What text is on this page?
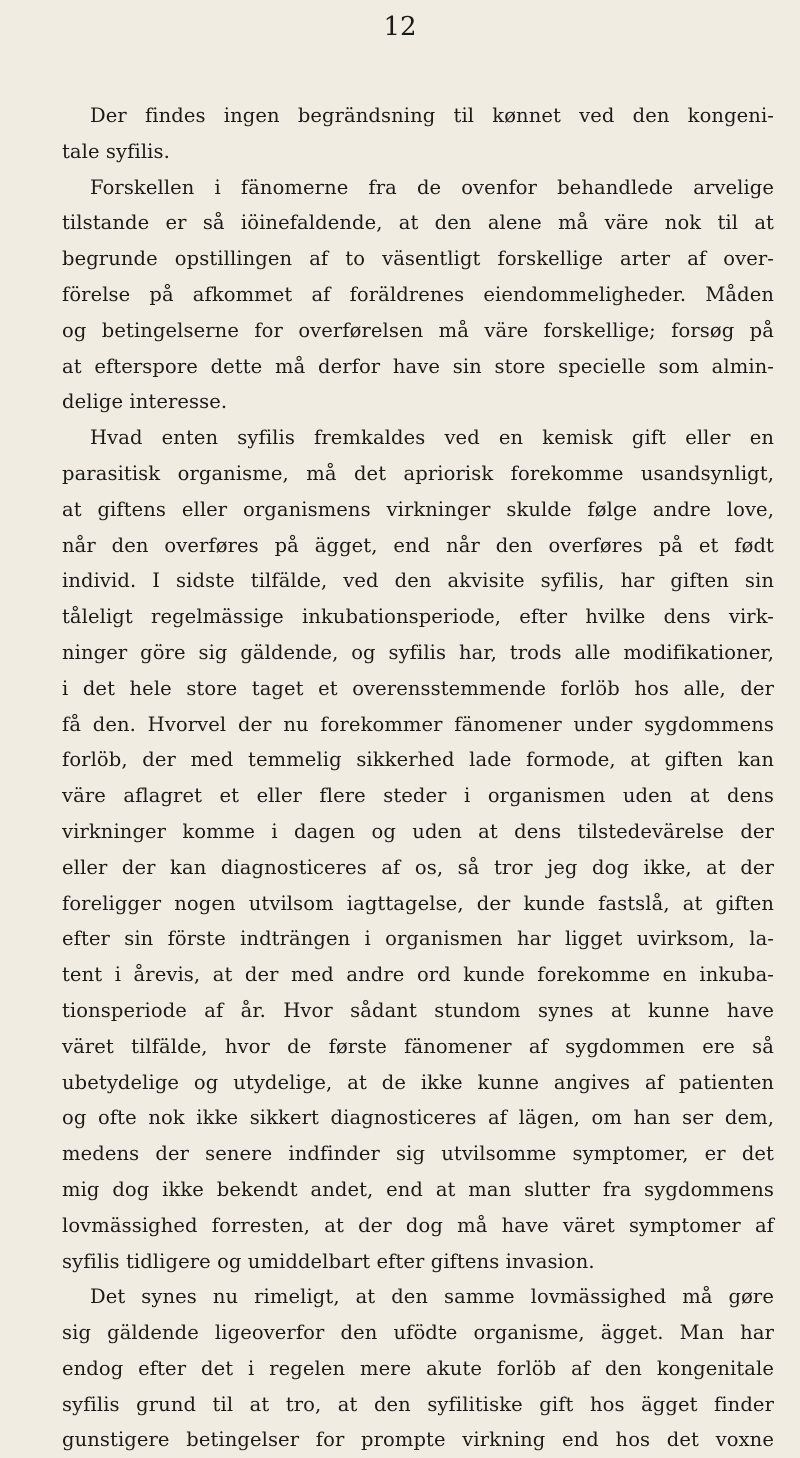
12
Der findes ingen begrändsning til kønnet ved den kongeni-
tale syfilis.
Forskellen i fänomerne fra de ovenfor behandlede arvelige
tilstande er så iöinefaldende, at den alene må väre nok til at
begrunde opstillingen af to väsentligt forskellige arter af over-
förelse på afkommet af foräldrenes eiendommeligheder. Måden
og betingelserne for overførelsen må väre forskellige; forsøg på
at efterspore dette må derfor have sin store specielle som almin-
delige interesse.
Hvad enten syfilis fremkaldes ved en kemisk gift eller en
parasitisk organisme, må det apriorisk forekomme usandsynligt,
at giftens eller organismens virkninger skulde følge andre love,
når den overføres på ägget, end når den overføres på et født
individ. I sidste tilfälde, ved den akvisite syfilis, har giften sin
tåleligt regelmässige inkubationsperiode, efter hvilke dens virk-
ninger göre sig gäldende, og syfilis har, trods alle modifikationer,
i det hele store taget et overensstemmende forlöb hos alle, der
få den. Hvorvel der nu forekommer fänomener under sygdommens
forlöb, der med temmelig sikkerhed lade formode, at giften kan
väre aflagret et eller flere steder i organismen uden at dens
virkninger komme i dagen og uden at dens tilstedevärelse der
eller der kan diagnosticeres af os, så tror jeg dog ikke, at der
foreligger nogen utvilsom iagttagelse, der kunde fastslå, at giften
efter sin förste indträngen i organismen har ligget uvirksom, la-
tent i årevis, at der med andre ord kunde forekomme en inkuba-
tionsperiode af år. Hvor sådant stundom synes at kunne have
väret tilfälde, hvor de første fänomener af sygdommen ere så
ubetydelige og utydelige, at de ikke kunne angives af patienten
og ofte nok ikke sikkert diagnosticeres af lägen, om han ser dem,
medens der senere indfinder sig utvilsomme symptomer, er det
mig dog ikke bekendt andet, end at man slutter fra sygdommens
lovmässighed forresten, at der dog må have väret symptomer af
syfilis tidligere og umiddelbart efter giftens invasion.
Det synes nu rimeligt, at den samme lovmässighed må gøre
sig gäldende ligeoverfor den ufödte organisme, ägget. Man har
endog efter det i regelen mere akute forlöb af den kongenitale
syfilis grund til at tro, at den syfilitiske gift hos ägget finder
gunstigere betingelser for prompte virkning end hos det voxne
